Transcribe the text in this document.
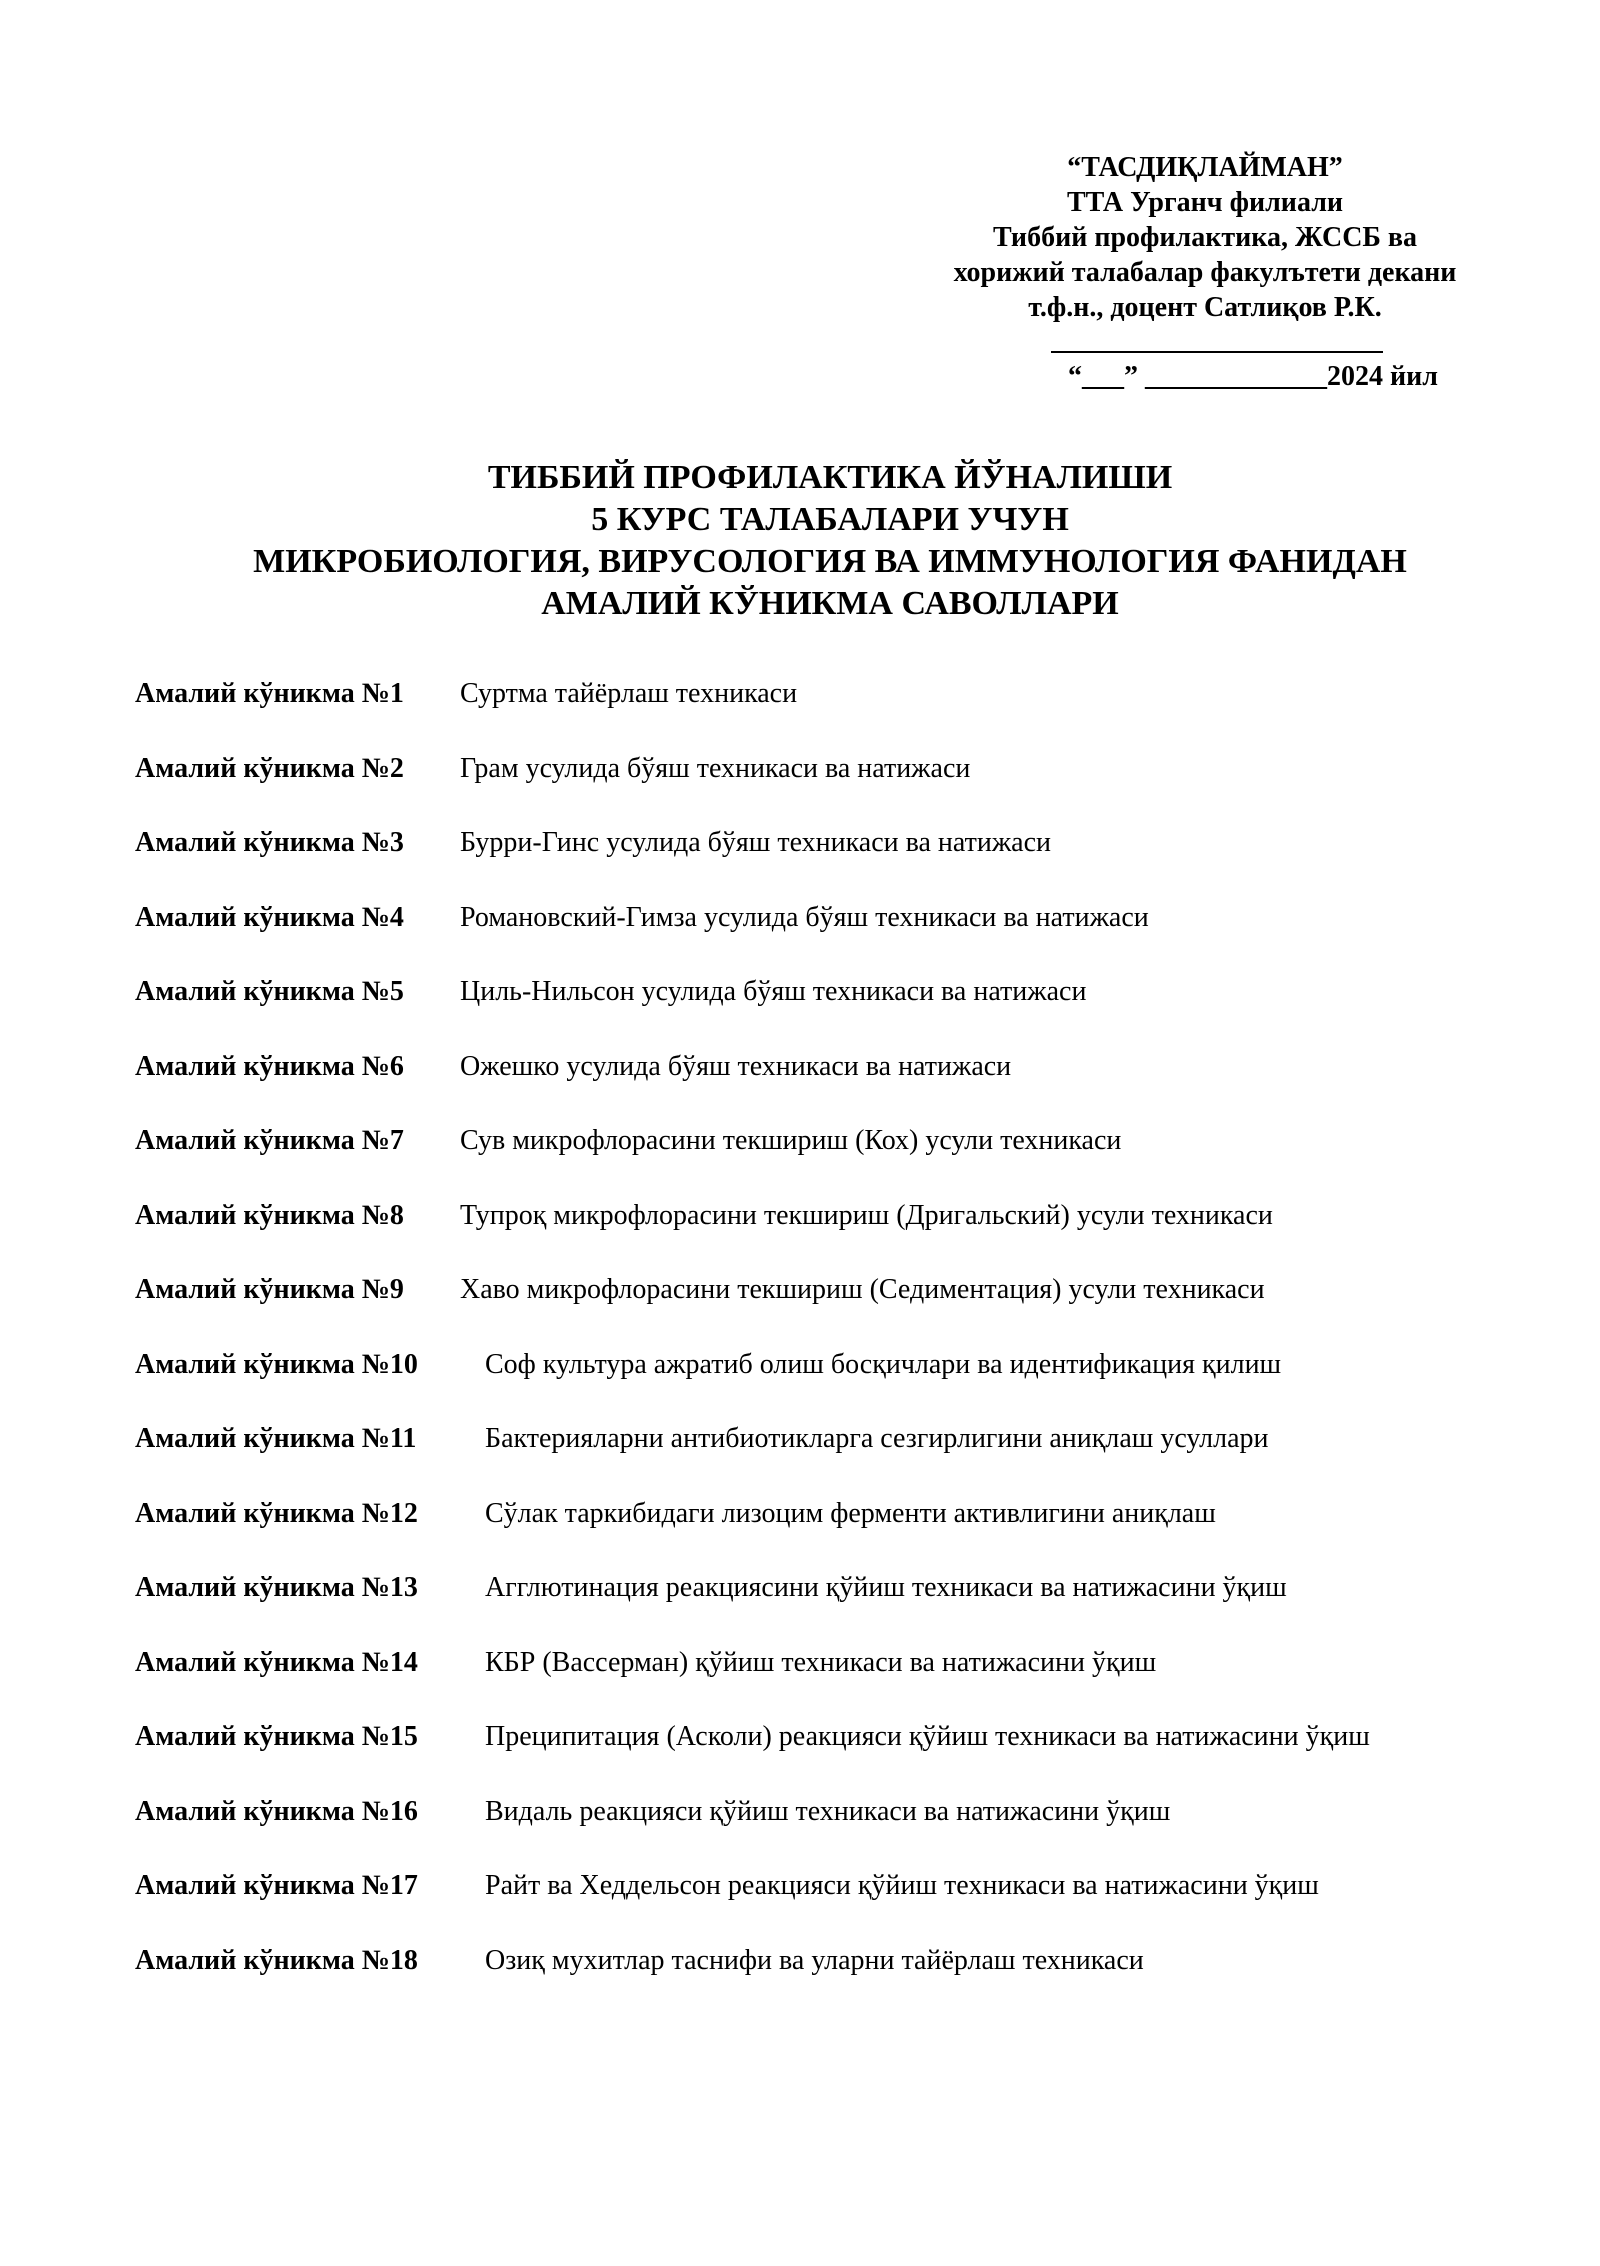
“ТАСДИҚЛАЙМАН”
ТТА Урганч филиали
Тиббий профилактика, ЖССБ ва
хорижий талабалар факулътети декани
т.ф.н., доцент Сатлиқов Р.К.
“___” _____________2024 йил
ТИББИЙ ПРОФИЛАКТИКА ЙЎНАЛИШИ
5 КУРС ТАЛАБАЛАРИ УЧУН
МИКРОБИОЛОГИЯ, ВИРУСОЛОГИЯ ВА ИММУНОЛОГИЯ ФАНИДАН
АМАЛИЙ КЎНИКМА САВОЛЛАРИ
Амалий кўникма №1	Суртма тайёрлаш техникаси
Амалий кўникма №2	Грам усулида бўяш техникаси ва натижаси
Амалий кўникма №3	Бурри-Гинс усулида бўяш техникаси ва натижаси
Амалий кўникма №4	Романовский-Гимза усулида бўяш техникаси ва натижаси
Амалий кўникма №5	Циль-Нильсон усулида бўяш техникаси ва натижаси
Амалий кўникма №6	Ожешко усулида бўяш техникаси ва натижаси
Амалий кўникма №7	Сув микрофлорасини текшириш (Кох) усули техникаси
Амалий кўникма №8	Тупроқ микрофлорасини текшириш (Дригальский) усули техникаси
Амалий кўникма №9	Хаво микрофлорасини текшириш (Седиментация) усули техникаси
Амалий кўникма №10	Соф культура ажратиб олиш босқичлари ва идентификация қилиш
Амалий кўникма №11	Бактерияларни антибиотикларга сезгирлигини аниқлаш усуллари
Амалий кўникма №12	Сўлак таркибидаги лизоцим ферменти активлигини аниқлаш
Амалий кўникма №13	Агглютинация реакциясини қўйиш техникаси ва натижасини ўқиш
Амалий кўникма №14	КБР (Вассерман) қўйиш техникаси ва натижасини ўқиш
Амалий кўникма №15	Преципитация (Асколи) реакцияси қўйиш техникаси ва натижасини ўқиш
Амалий кўникма №16	Видаль реакцияси қўйиш техникаси ва натижасини ўқиш
Амалий кўникма №17	Райт ва Хеддельсон реакцияси қўйиш техникаси ва натижасини ўқиш
Амалий кўникма №18	Озиқ мухитлар таснифи ва уларни тайёрлаш техникаси
